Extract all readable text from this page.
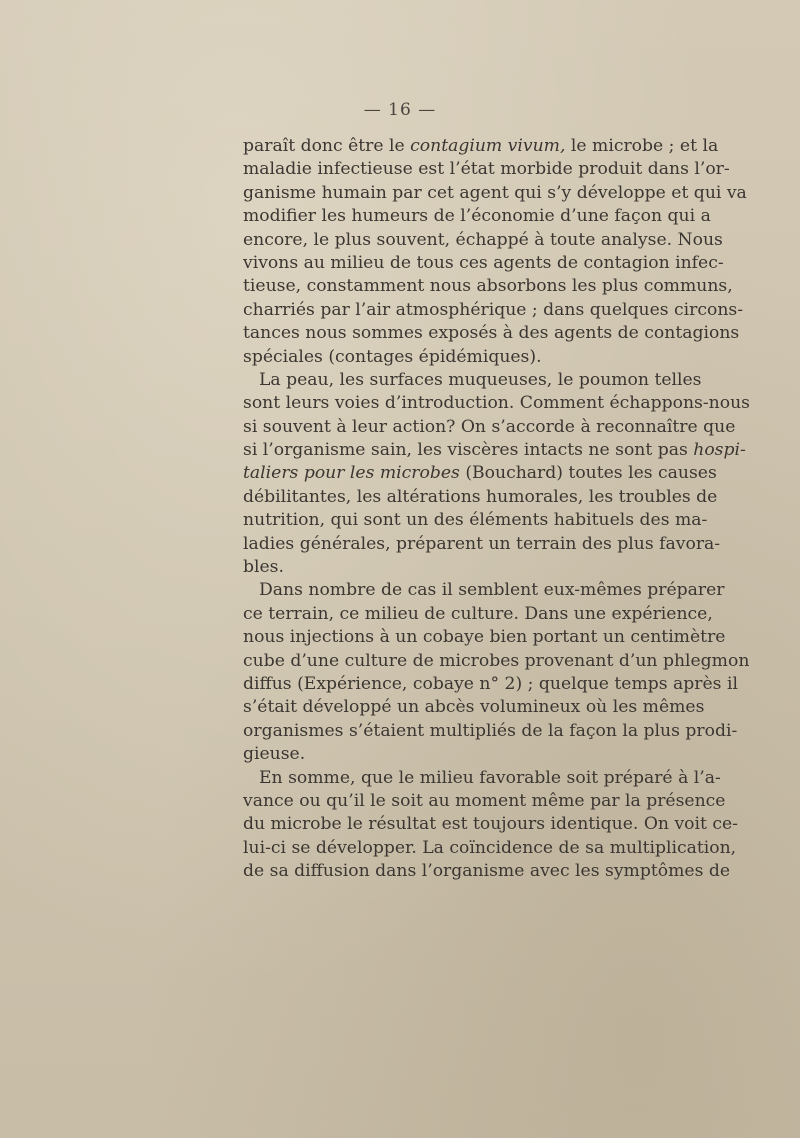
— 16 —
paraît donc être le contagium vivum, le microbe ; et la
maladie infectieuse est l’état morbide produit dans l’or-
ganisme humain par cet agent qui s’y développe et qui va
modifier les humeurs de l’économie d’une façon qui a
encore, le plus souvent, échappé à toute analyse. Nous
vivons au milieu de tous ces agents de contagion infec-
tieuse, constamment nous absorbons les plus communs,
charriés par l’air atmosphérique ; dans quelques circons-
tances nous sommes exposés à des agents de contagions
spéciales (contages épidémiques).
La peau, les surfaces muqueuses, le poumon telles
sont leurs voies d’introduction. Comment échappons-nous
si souvent à leur action? On s’accorde à reconnaître que
si l’organisme sain, les viscères intacts ne sont pas hospi-
taliers pour les microbes (Bouchard) toutes les causes
débilitantes, les altérations humorales, les troubles de
nutrition, qui sont un des éléments habituels des ma-
ladies générales, préparent un terrain des plus favora-
bles.
Dans nombre de cas il semblent eux-mêmes préparer
ce terrain, ce milieu de culture. Dans une expérience,
nous injections à un cobaye bien portant un centimètre
cube d’une culture de microbes provenant d’un phlegmon
diffus (Expérience, cobaye n° 2) ; quelque temps après il
s’était développé un abcès volumineux où les mêmes
organismes s’étaient multipliés de la façon la plus prodi-
gieuse.
En somme, que le milieu favorable soit préparé à l’a-
vance ou qu’il le soit au moment même par la présence
du microbe le résultat est toujours identique. On voit ce-
lui-ci se développer. La coïncidence de sa multiplication,
de sa diffusion dans l’organisme avec les symptômes de
